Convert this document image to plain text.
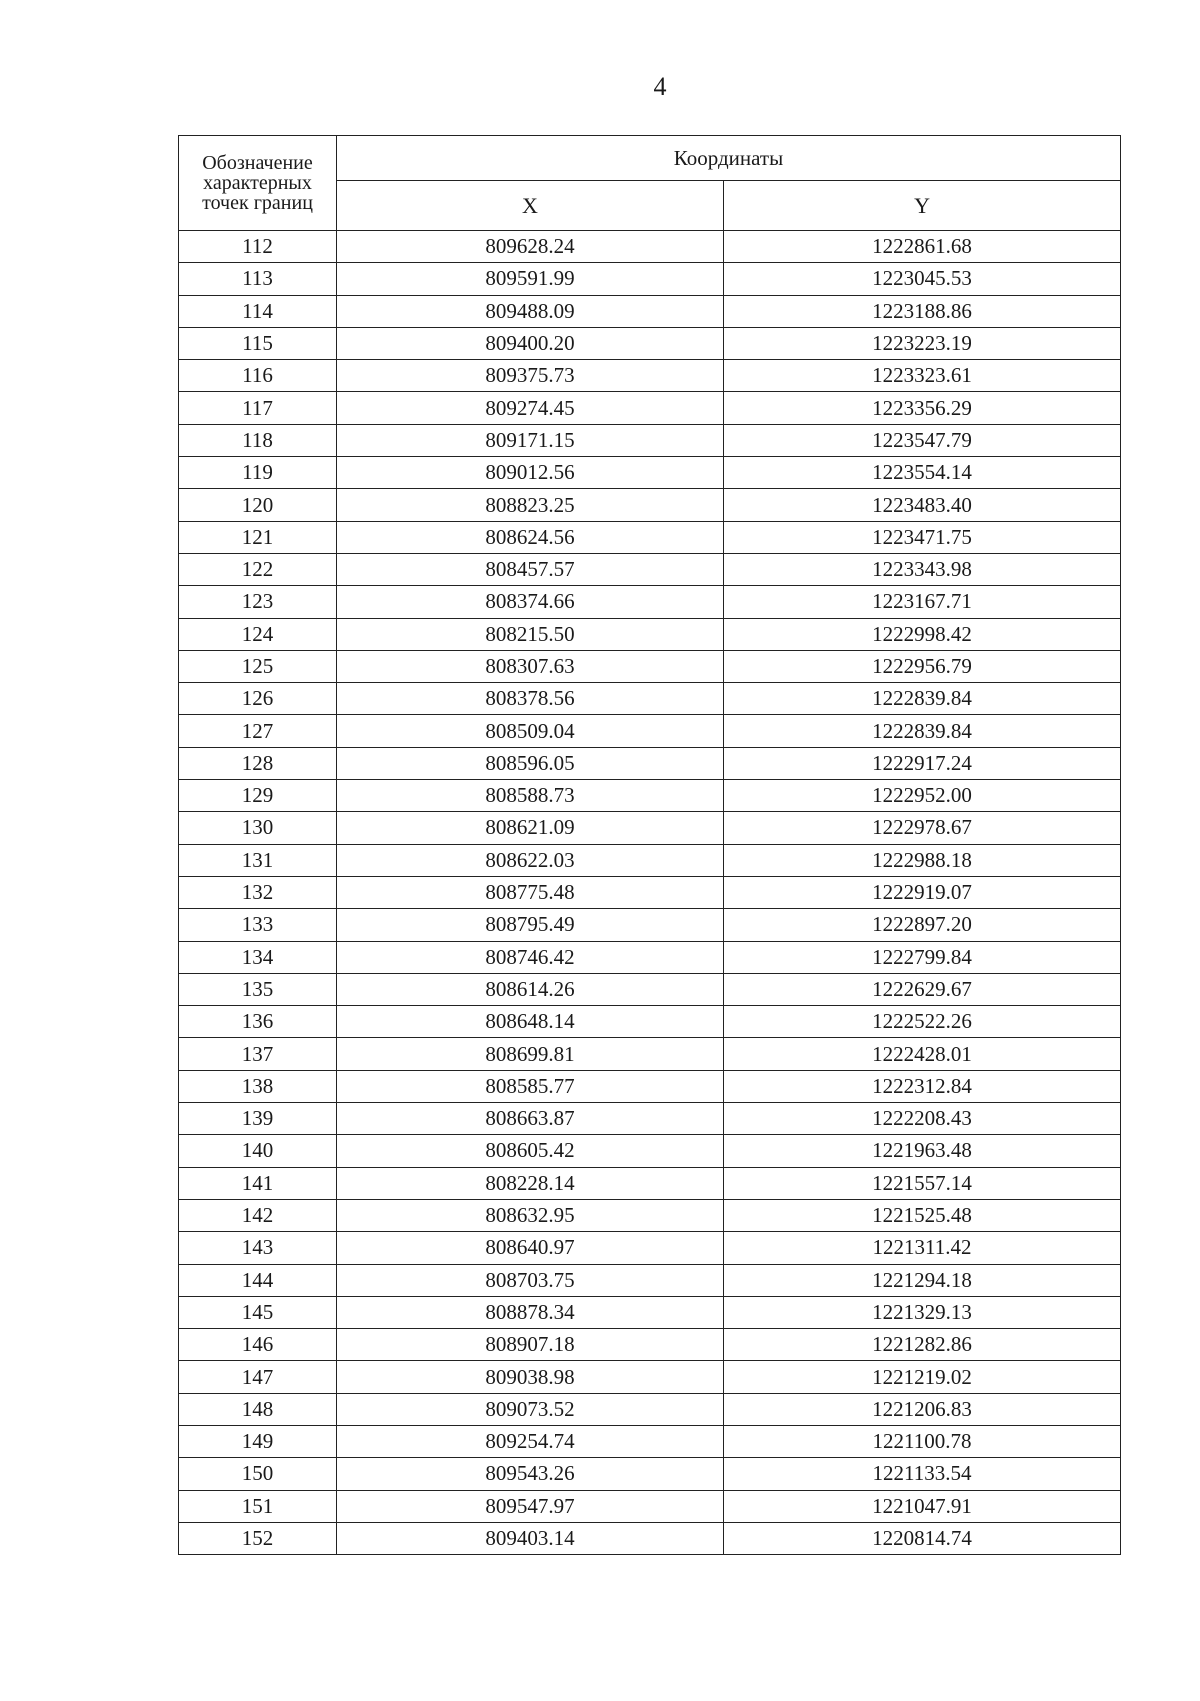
4
Обозначение характерных точек границ	Координаты	
	X	Y
112	809628.24	1222861.68
113	809591.99	1223045.53
114	809488.09	1223188.86
115	809400.20	1223223.19
116	809375.73	1223323.61
117	809274.45	1223356.29
118	809171.15	1223547.79
119	809012.56	1223554.14
120	808823.25	1223483.40
121	808624.56	1223471.75
122	808457.57	1223343.98
123	808374.66	1223167.71
124	808215.50	1222998.42
125	808307.63	1222956.79
126	808378.56	1222839.84
127	808509.04	1222839.84
128	808596.05	1222917.24
129	808588.73	1222952.00
130	808621.09	1222978.67
131	808622.03	1222988.18
132	808775.48	1222919.07
133	808795.49	1222897.20
134	808746.42	1222799.84
135	808614.26	1222629.67
136	808648.14	1222522.26
137	808699.81	1222428.01
138	808585.77	1222312.84
139	808663.87	1222208.43
140	808605.42	1221963.48
141	808228.14	1221557.14
142	808632.95	1221525.48
143	808640.97	1221311.42
144	808703.75	1221294.18
145	808878.34	1221329.13
146	808907.18	1221282.86
147	809038.98	1221219.02
148	809073.52	1221206.83
149	809254.74	1221100.78
150	809543.26	1221133.54
151	809547.97	1221047.91
152	809403.14	1220814.74
